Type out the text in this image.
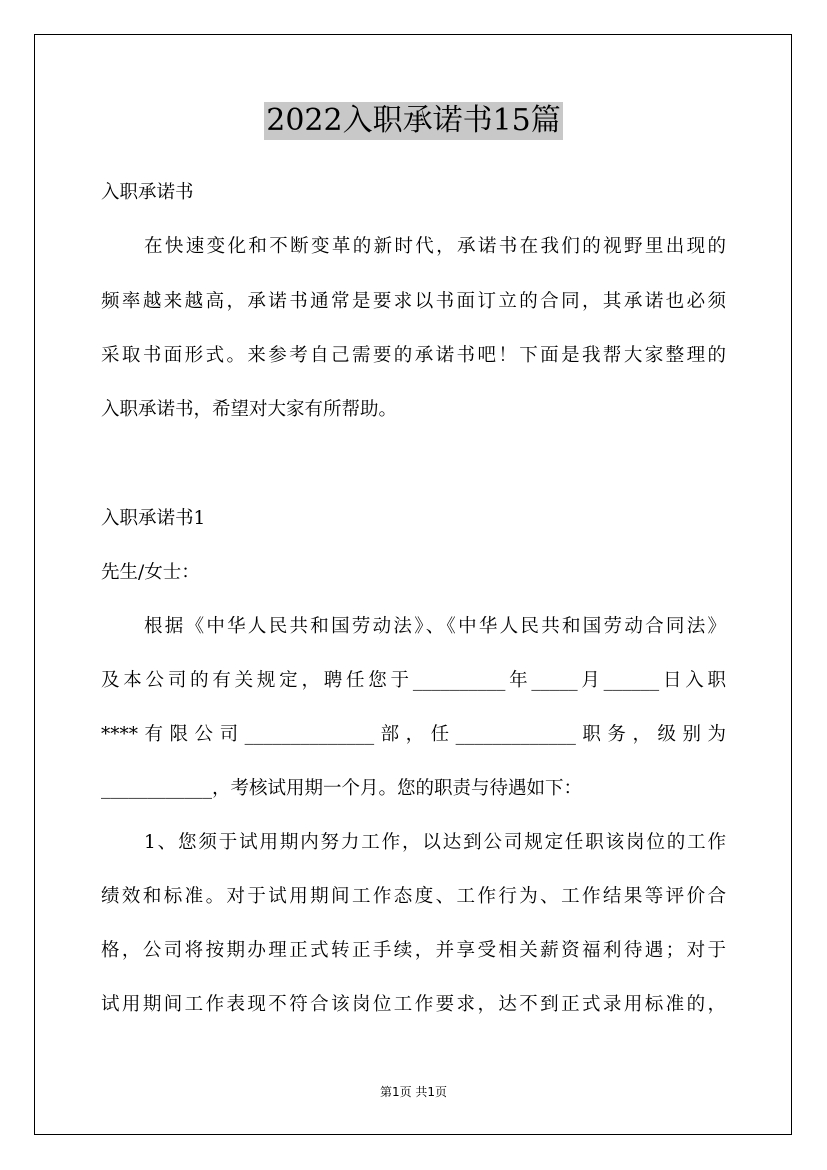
2022入职承诺书15篇
入职承诺书
在快速变化和不断变革的新时代，承诺书在我们的视野里出现的
频率越来越高，承诺书通常是要求以书面订立的合同，其承诺也必须
采取书面形式。来参考自己需要的承诺书吧！下面是我帮大家整理的
入职承诺书，希望对大家有所帮助。
入职承诺书1
先生/女士：
根据《中华人民共和国劳动法》、《中华人民共和国劳动合同法》
及本公司的有关规定，聘任您于__________年_____月______日入职
****有限公司______________部，任_____________职务，级别为
____________，考核试用期一个月。您的职责与待遇如下：
1、您须于试用期内努力工作，以达到公司规定任职该岗位的工作
绩效和标准。对于试用期间工作态度、工作行为、工作结果等评价合
格，公司将按期办理正式转正手续，并享受相关薪资福利待遇；对于
试用期间工作表现不符合该岗位工作要求，达不到正式录用标准的，
第1页 共1页
